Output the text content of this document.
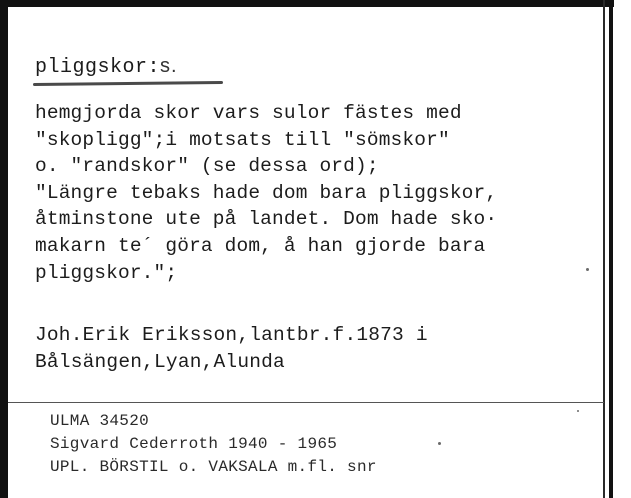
pliggskor:s.
hemgjorda skor vars sulor fästes med
"skopligg";i motsats till "sömskor"
o. "randskor" (se dessa ord);
"Längre tebaks hade dom bara pliggskor,
åtminstone ute på landet. Dom hade sko·
makarn te´ göra dom, å han gjorde bara
pliggskor.";
Joh.Erik Eriksson,lantbr.f.1873 i
Bålsängen,Lyan,Alunda
ULMA 34520
Sigvard Cederroth 1940 - 1965
UPL. BÖRSTIL o. VAKSALA m.fl. snr
